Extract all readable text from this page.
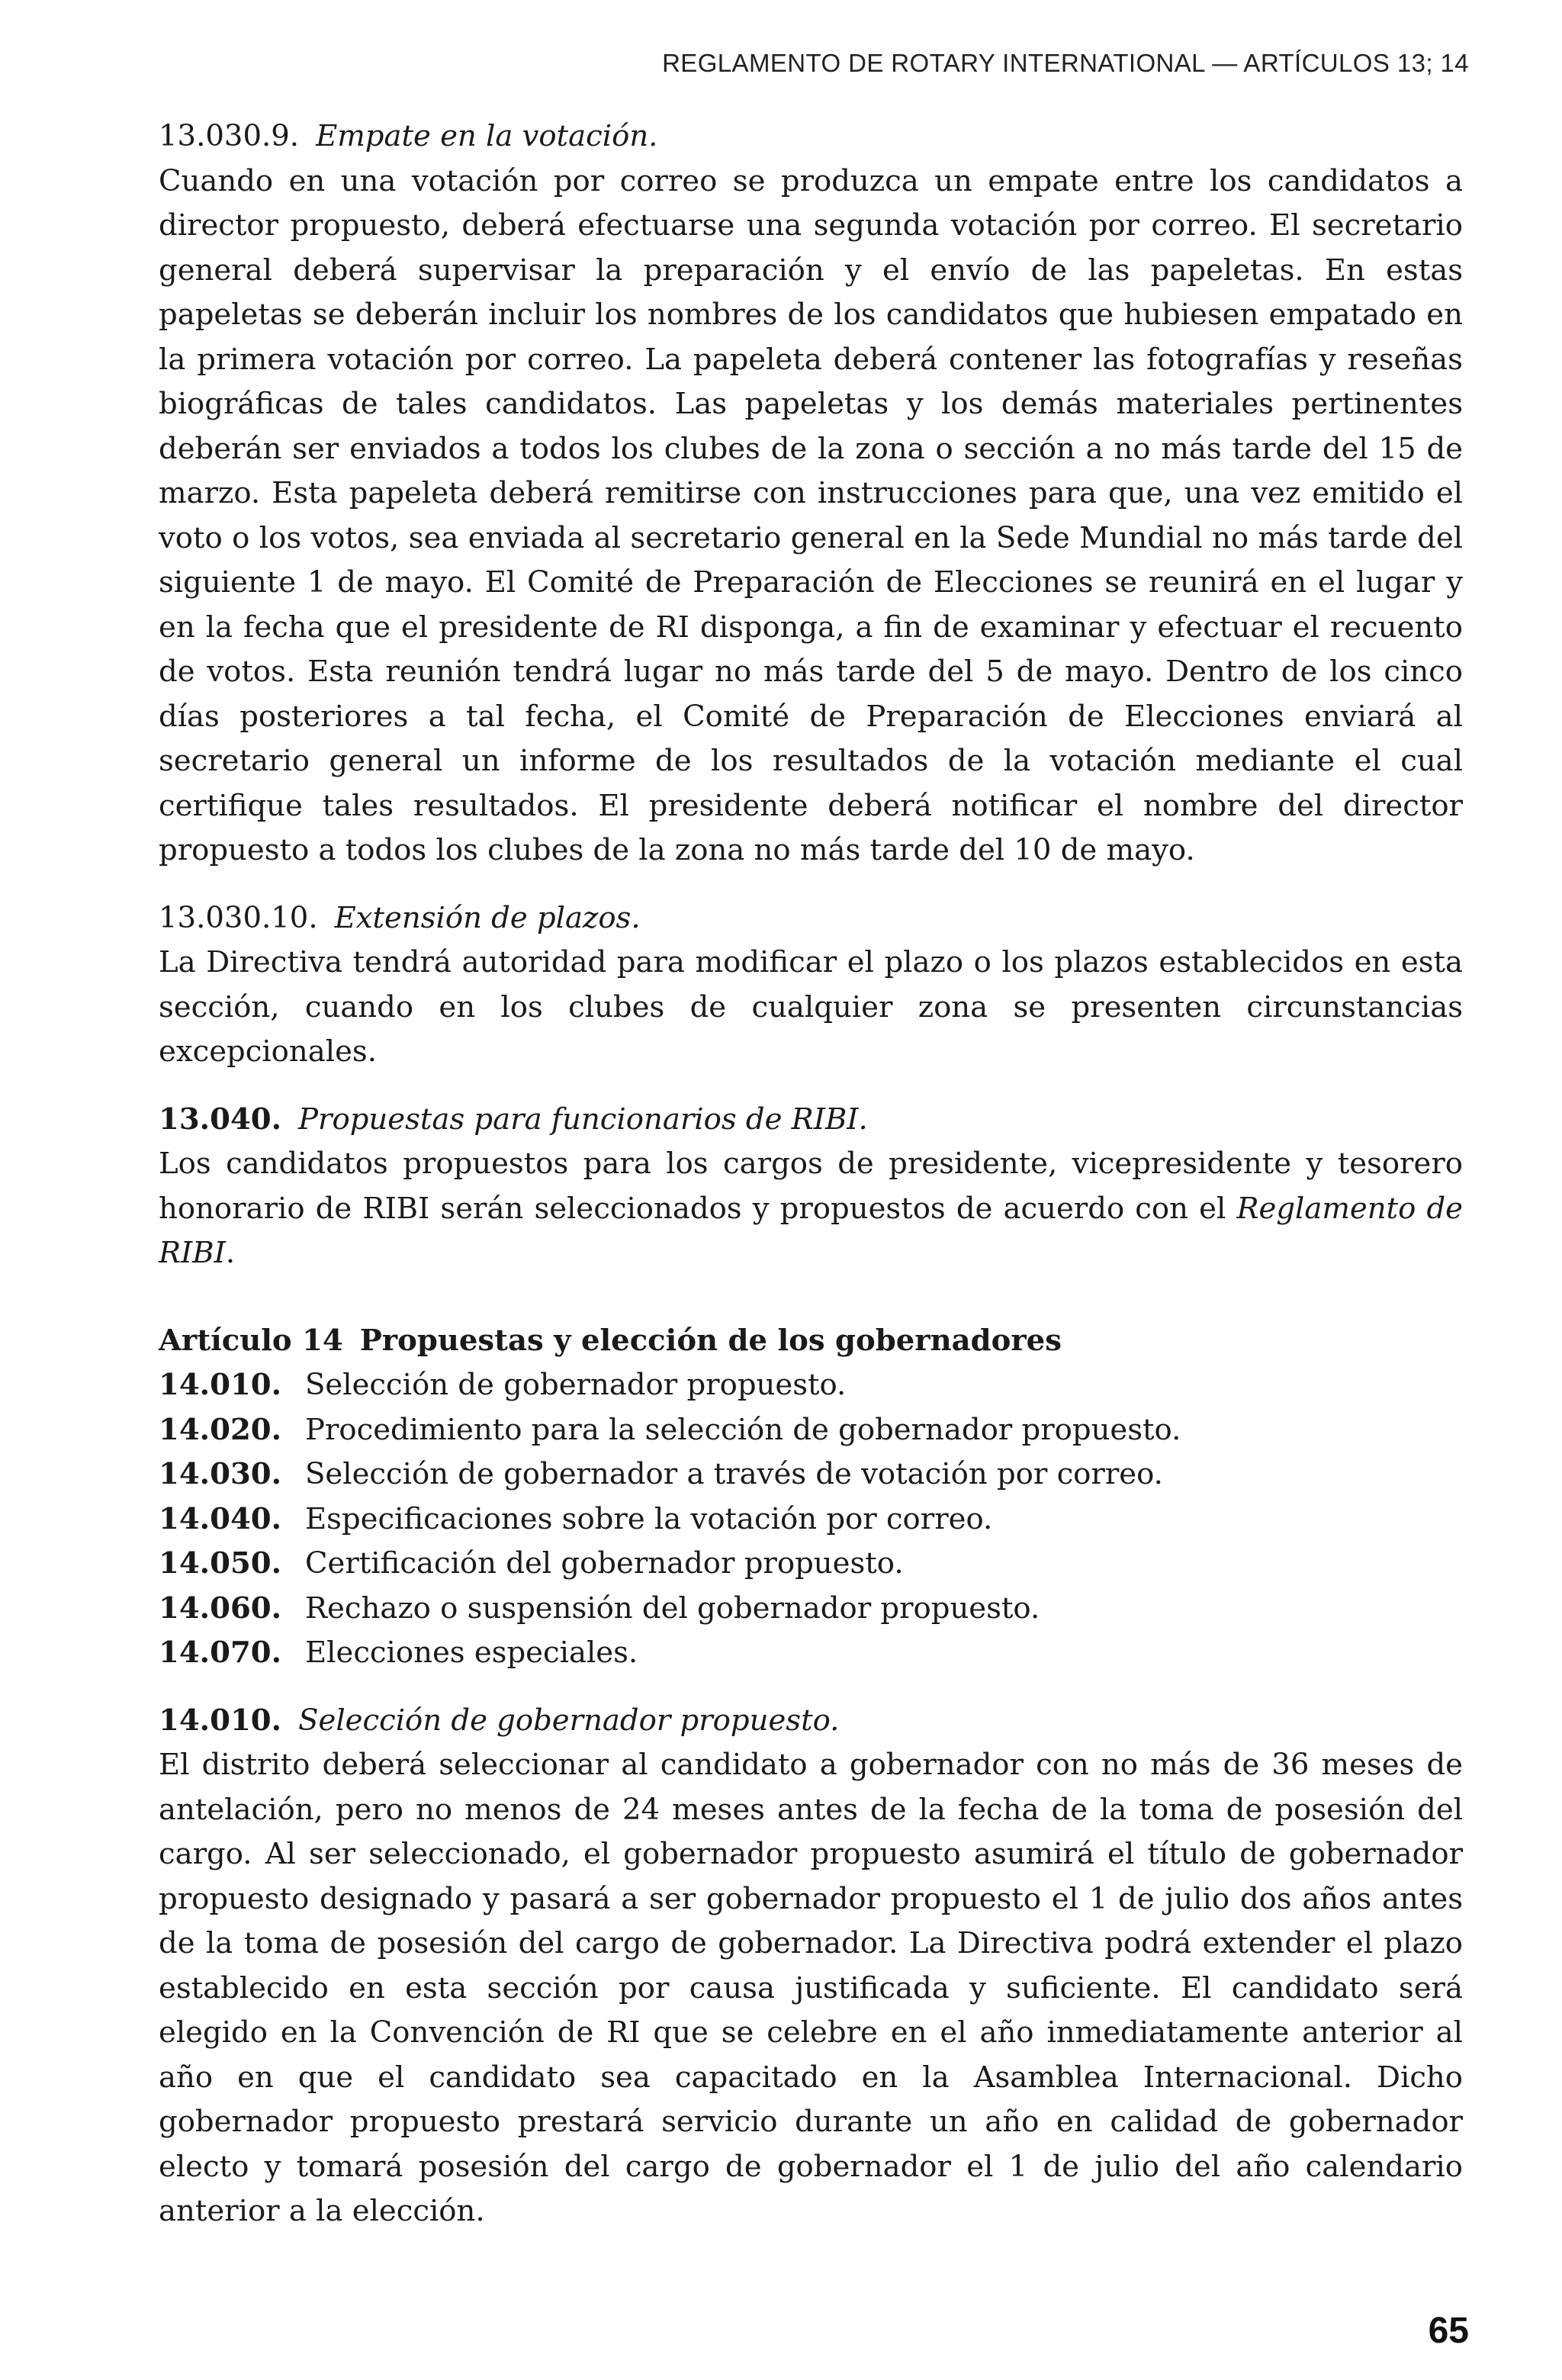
REGLAMENTO DE ROTARY INTERNATIONAL — ARTÍCULOS 13; 14

13.030.9. Empate en la votación.

Cuando en una votación por correo se produzca un empate entre los candidatos a director propuesto, deberá efectuarse una segunda votación por correo. El secretario general deberá supervisar la preparación y el envío de las papeletas. En estas papeletas se deberán incluir los nombres de los candidatos que hubiesen empatado en la primera votación por correo. La papeleta deberá contener las fotografías y reseñas biográficas de tales candidatos. Las papeletas y los demás materiales pertinentes deberán ser enviados a todos los clubes de la zona o sección a no más tarde del 15 de marzo. Esta papeleta deberá remitirse con instrucciones para que, una vez emitido el voto o los votos, sea enviada al secretario general en la Sede Mundial no más tarde del siguiente 1 de mayo. El Comité de Preparación de Elecciones se reunirá en el lugar y en la fecha que el presidente de RI disponga, a fin de examinar y efectuar el recuento de votos. Esta reunión tendrá lugar no más tarde del 5 de mayo. Dentro de los cinco días posteriores a tal fecha, el Comité de Preparación de Elecciones enviará al secretario general un informe de los resultados de la votación mediante el cual certifique tales resultados. El presidente deberá notificar el nombre del director propuesto a todos los clubes de la zona no más tarde del 10 de mayo.

13.030.10. Extensión de plazos.

La Directiva tendrá autoridad para modificar el plazo o los plazos establecidos en esta sección, cuando en los clubes de cualquier zona se presenten circunstancias excepcionales.

13.040. Propuestas para funcionarios de RIBI.

Los candidatos propuestos para los cargos de presidente, vicepresidente y tesorero honorario de RIBI serán seleccionados y propuestos de acuerdo con el Reglamento de RIBI.

Artículo 14 Propuestas y elección de los gobernadores

14.010. Selección de gobernador propuesto.

14.020. Procedimiento para la selección de gobernador propuesto.

14.030. Selección de gobernador a través de votación por correo.

14.040. Especificaciones sobre la votación por correo.

14.050. Certificación del gobernador propuesto.

14.060. Rechazo o suspensión del gobernador propuesto.

14.070. Elecciones especiales.

14.010. Selección de gobernador propuesto.

El distrito deberá seleccionar al candidato a gobernador con no más de 36 meses de antelación, pero no menos de 24 meses antes de la fecha de la toma de posesión del cargo. Al ser seleccionado, el gobernador propuesto asumirá el título de gobernador propuesto designado y pasará a ser gobernador propuesto el 1 de julio dos años antes de la toma de posesión del cargo de gobernador. La Directiva podrá extender el plazo establecido en esta sección por causa justificada y suficiente. El candidato será elegido en la Convención de RI que se celebre en el año inmediatamente anterior al año en que el candidato sea capacitado en la Asamblea Internacional. Dicho gobernador propuesto prestará servicio durante un año en calidad de gobernador electo y tomará posesión del cargo de gobernador el 1 de julio del año calendario anterior a la elección.

65
